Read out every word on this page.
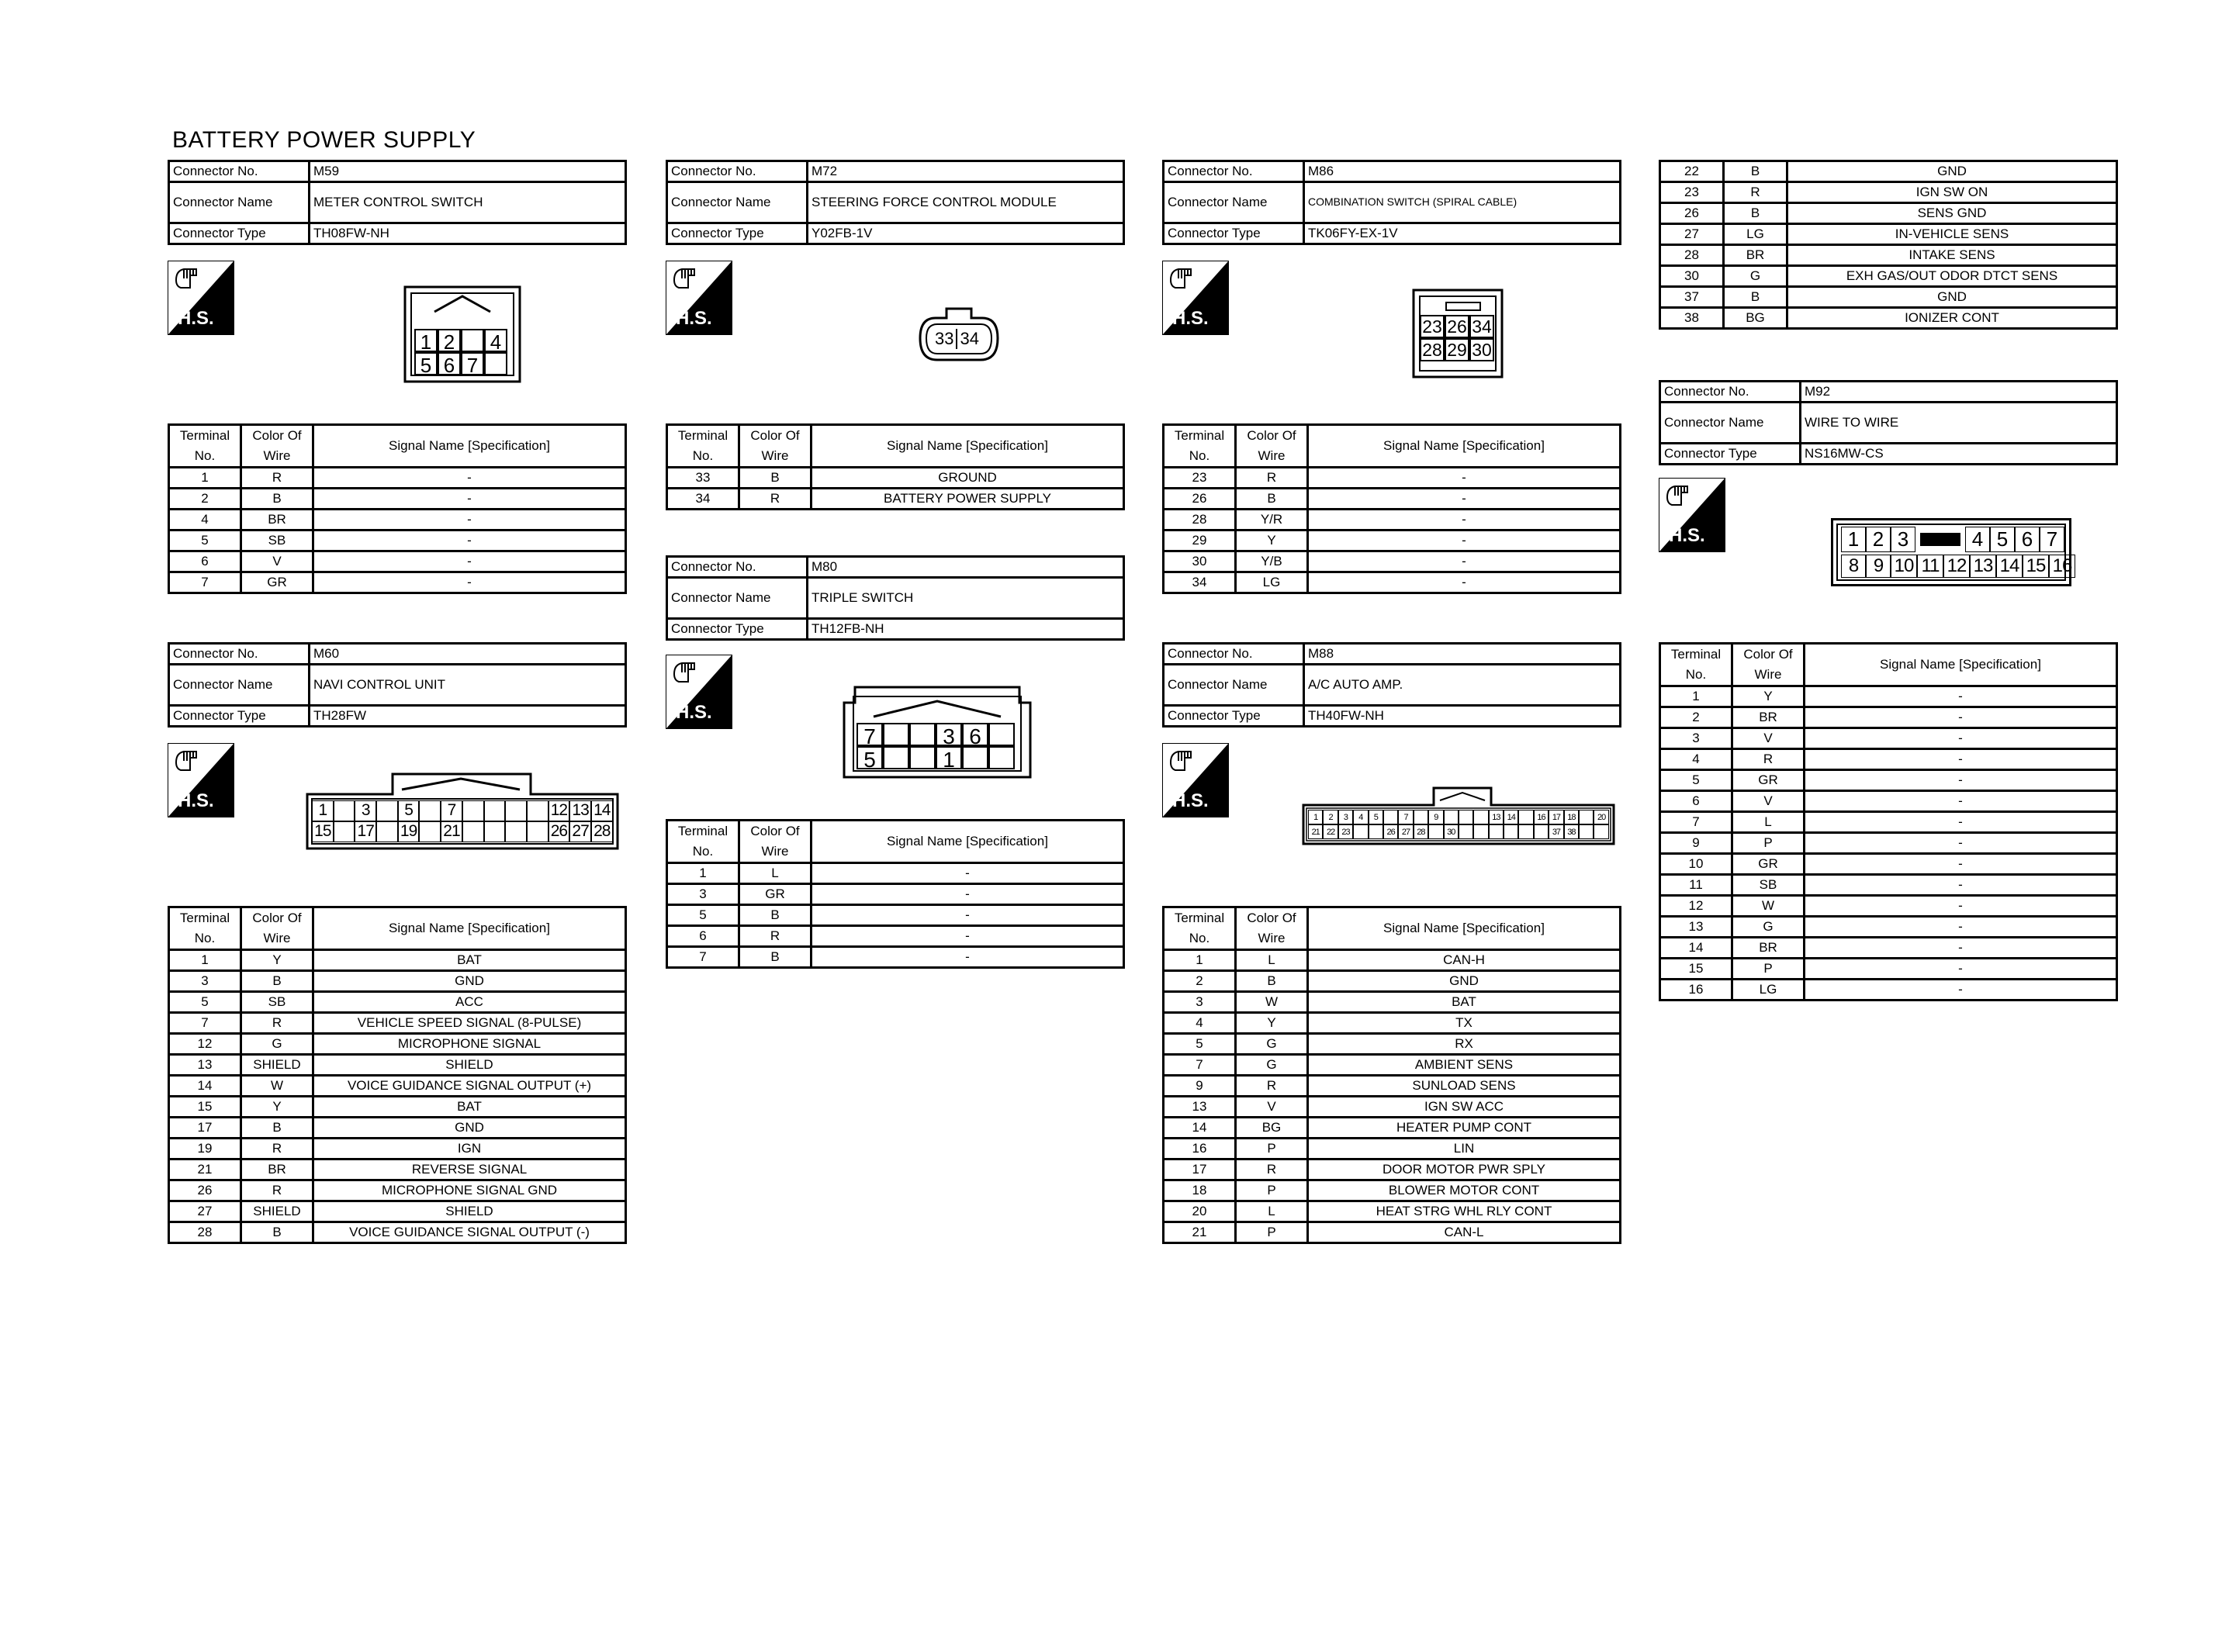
BATTERY POWER SUPPLY
Connector No.	M59
Connector Name	METER CONTROL SWITCH
Connector Type	TH08FW-NH
H.S.
1 2 4
5 6 7
Terminal No.	Color Of Wire	Signal Name [Specification]
1	R	-
2	B	-
4	BR	-
5	SB	-
6	V	-
7	GR	-
Connector No.	M72
Connector Name	STEERING FORCE CONTROL MODULE
Connector Type	Y02FB-1V
H.S.
33 34
Terminal No.	Color Of Wire	Signal Name [Specification]
33	B	GROUND
34	R	BATTERY POWER SUPPLY
Connector No.	M86
Connector Name	COMBINATION SWITCH (SPIRAL CABLE)
Connector Type	TK06FY-EX-1V
H.S.	23 26 34
28 29 30
Terminal No.	Color Of Wire	Signal Name [Specification]
23	R	-
26	B	-
28	Y/R	-
29	Y	-
30	Y/B	-
34	LG	-
22	B	GND
23	R	IGN SW ON
26	B	SENS GND
27	LG	IN-VEHICLE SENS
28	BR	INTAKE SENS
30	G	EXH GAS/OUT ODOR DTCT SENS
37	B	GND
38	BG	IONIZER CONT
Connector No.	M92
Connector Name	WIRE TO WIRE
Connector Type	NS16MW-CS
H.S.	1 2 3	4 5 6 7
8 9 10 11 12 13 14 15 16
Terminal No.	Color Of Wire	Signal Name [Specification]
1	Y	-
2	BR	-
3	V	-
4	R	-
5	GR	-
6	V	-
7	L	-
9	P	-
10	GR	-
11	SB	-
12	W	-
13	G	-
14	BR	-
15	P	-
16	LG	-
Connector No.	M80
Connector Name	TRIPLE SWITCH
Connector Type	TH12FB-NH
H.S.
7	3 6
5	1
Terminal No.	Color Of Wire	Signal Name [Specification]
1	L	-
3	GR	-
5	B	-
6	R	-
7	B	-
Connector No.	M60
Connector Name	NAVI CONTROL UNIT
Connector Type	TH28FW
H.S.	1	3	5	7	12 13 14
15 17 19 21	26 27 28
Terminal No.	Color Of Wire	Signal Name [Specification]
1	Y	BAT
3	B	GND
5	SB	ACC
7	R	VEHICLE SPEED SIGNAL (8-PULSE)
12	G	MICROPHONE SIGNAL
13	SHIELD	SHIELD
14	W	VOICE GUIDANCE SIGNAL OUTPUT (+)
15	Y	BAT
17	B	GND
19	R	IGN
21	BR	REVERSE SIGNAL
26	R	MICROPHONE SIGNAL GND
27	SHIELD	SHIELD
28	B	VOICE GUIDANCE SIGNAL OUTPUT (-)
Connector No.	M88
Connector Name	A/C AUTO AMP.
Connector Type	TH40FW-NH
H.S.
1	2	3	4	5	7	9	13 14	16 17 18	20
21 22 23	26 27 28	30	37 38
Terminal No.	Color Of Wire	Signal Name [Specification]
1	L	CAN-H
2	B	GND
3	W	BAT
4	Y	TX
5	G	RX
7	G	AMBIENT SENS
9	R	SUNLOAD SENS
13	V	IGN SW ACC
14	BG	HEATER PUMP CONT
16	P	LIN
17	R	DOOR MOTOR PWR SPLY
18	P	BLOWER MOTOR CONT
20	L	HEAT STRG WHL RLY CONT
21	P	CAN-L
